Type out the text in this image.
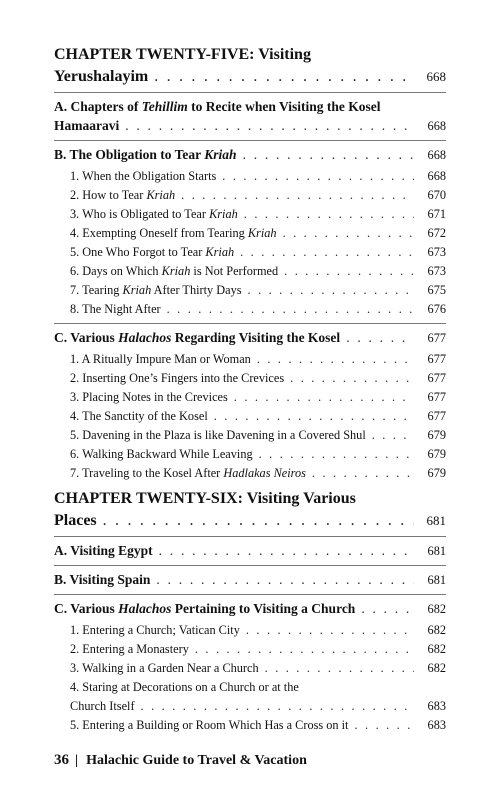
CHAPTER TWENTY-FIVE: Visiting
Yerushalayim . . .	668
A. Chapters of Tehillim to Recite when Visiting the Kosel
Hamaaravi . . .	668
B. The Obligation to Tear Kriah . . .	668
1. When the Obligation Starts . . .	668
2. How to Tear Kriah . . .	670
3. Who is Obligated to Tear Kriah . . .	671
4. Exempting Oneself from Tearing Kriah . . .	672
5. One Who Forgot to Tear Kriah . . .	673
6. Days on Which Kriah is Not Performed . . .	673
7. Tearing Kriah After Thirty Days . . .	675
8. The Night After . . .	676
C. Various Halachos Regarding Visiting the Kosel . . .	677
1. A Ritually Impure Man or Woman . . .	677
2. Inserting One’s Fingers into the Crevices . . .	677
3. Placing Notes in the Crevices . . .	677
4. The Sanctity of the Kosel . . .	677
5. Davening in the Plaza is like Davening in a Covered Shul . . .	679
6. Walking Backward While Leaving . . .	679
7. Traveling to the Kosel After Hadlakas Neiros . . .	679
CHAPTER TWENTY-SIX: Visiting Various
Places . . .	681
A. Visiting Egypt . . .	681
B. Visiting Spain . . .	681
C. Various Halachos Pertaining to Visiting a Church . . .	682
1. Entering a Church; Vatican City . . .	682
2. Entering a Monastery . . .	682
3. Walking in a Garden Near a Church . . .	682
4. Staring at Decorations on a Church or at the
Church Itself . . .	683
5. Entering a Building or Room Which Has a Cross on it . . .	683
36 | Halachic Guide to Travel & Vacation
